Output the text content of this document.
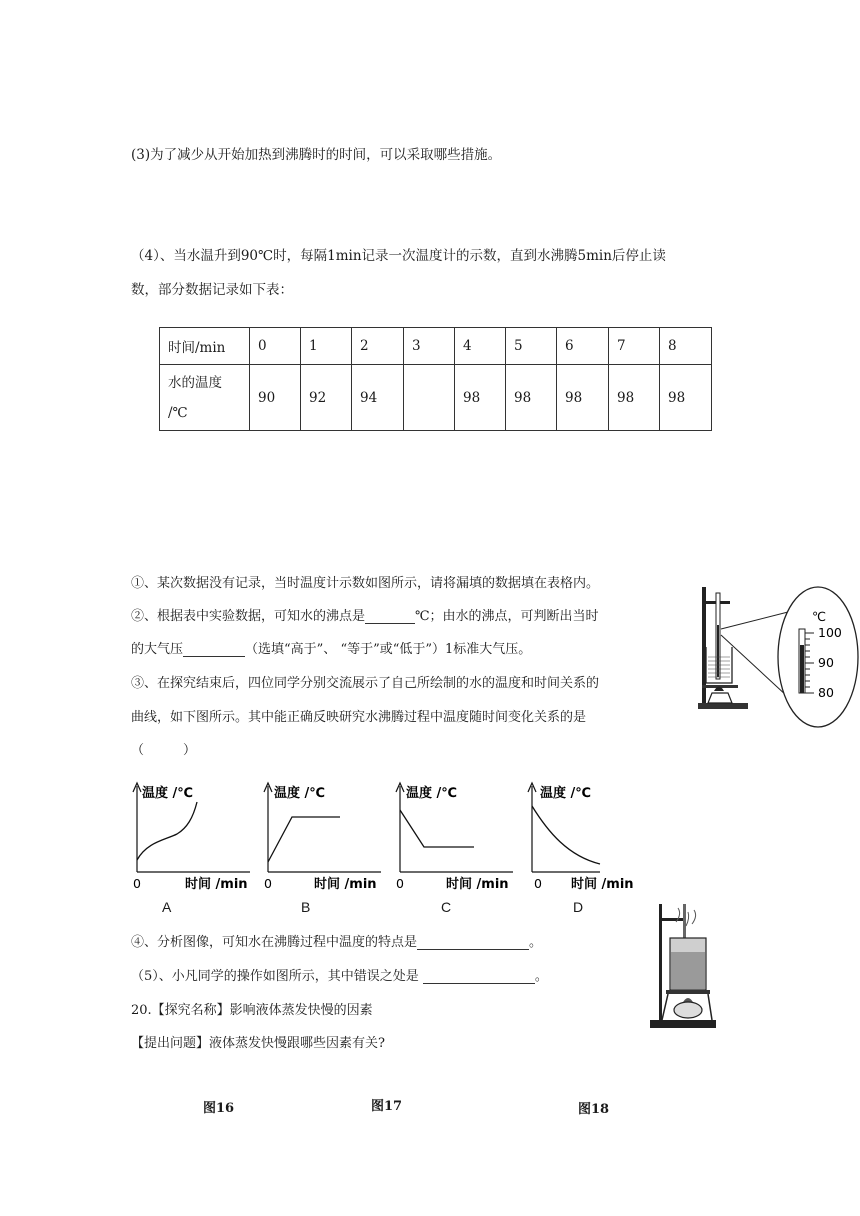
(3)为了减少从开始加热到沸腾时的时间，可以采取哪些措施。
（4）、当水温升到90℃时，每隔1min记录一次温度计的示数，直到水沸腾5min后停止读
数，部分数据记录如下表：
时间/min	0	1	2	3	4	5	6	7	8

水的温度
/℃	90	92	94		98	98	98	98	98
①、某次数据没有记录，当时温度计示数如图所示，请将漏填的数据填在表格内。
②、根据表中实验数据，可知水的沸点是	℃；由水的沸点，可判断出当时
的大气压	（选填“高于”、 “等于”或“低于”）1标准大气压。
③、在探究结束后，四位同学分别交流展示了自己所绘制的水的温度和时间关系的
曲线，如下图所示。其中能正确反映研究水沸腾过程中温度随时间变化关系的是
（　　　）
℃
100
90
80
温度 /℃
0	时间 /min
温度 /℃
0	时间 /min
温度 /℃
0	时间 /min
温度 /℃
0 时间 /min
A	B	C	D
④、分析图像，可知水在沸腾过程中温度的特点是	。
（5）、小凡同学的操作如图所示，其中错误之处是	。
20.【探究名称】影响液体蒸发快慢的因素
【提出问题】液体蒸发快慢跟哪些因素有关?
图16	图17	图18
